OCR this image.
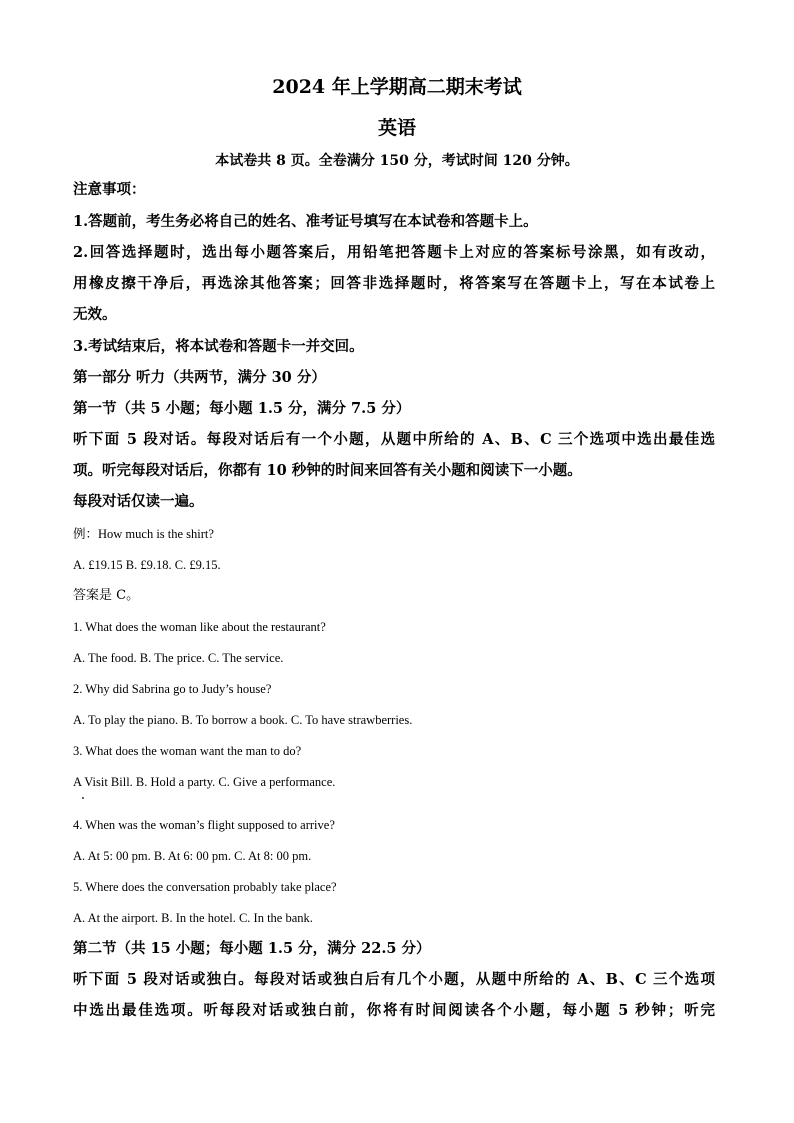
2024 年上学期高二期末考试
英语
本试卷共 8 页。全卷满分 150 分，考试时间 120 分钟。
注意事项：
1.答题前，考生务必将自己的姓名、准考证号填写在本试卷和答题卡上。
2.回答选择题时，选出每小题答案后，用铅笔把答题卡上对应的答案标号涂黑，如有改动，
用橡皮擦干净后，再选涂其他答案；回答非选择题时，将答案写在答题卡上，写在本试卷上
无效。
3.考试结束后，将本试卷和答题卡一并交回。
第一部分 听力（共两节，满分 30 分）
第一节（共 5 小题；每小题 1.5 分，满分 7.5 分）
听下面 5 段对话。每段对话后有一个小题，从题中所给的 A、B、C 三个选项中选出最佳选
项。听完每段对话后，你都有 10 秒钟的时间来回答有关小题和阅读下一小题。
每段对话仅读一遍。
例：How much is the shirt?
A. £19.15 B. £9.18. C. £9.15.
答案是 C。
1. What does the woman like about the restaurant?
A. The food. B. The price. C. The service.
2. Why did Sabrina go to Judy’s house?
A. To play the piano. B. To borrow a book. C. To have strawberries.
3. What does the woman want the man to do?
A Visit Bill. B. Hold a party. C. Give a performance.
4. When was the woman’s flight supposed to arrive?
A. At 5: 00 pm. B. At 6: 00 pm. C. At 8: 00 pm.
5. Where does the conversation probably take place?
A. At the airport. B. In the hotel. C. In the bank.
第二节（共 15 小题；每小题 1.5 分，满分 22.5 分）
听下面 5 段对话或独白。每段对话或独白后有几个小题，从题中所给的 A、B、C 三个选项
中选出最佳选项。听每段对话或独白前，你将有时间阅读各个小题，每小题 5 秒钟；听完
